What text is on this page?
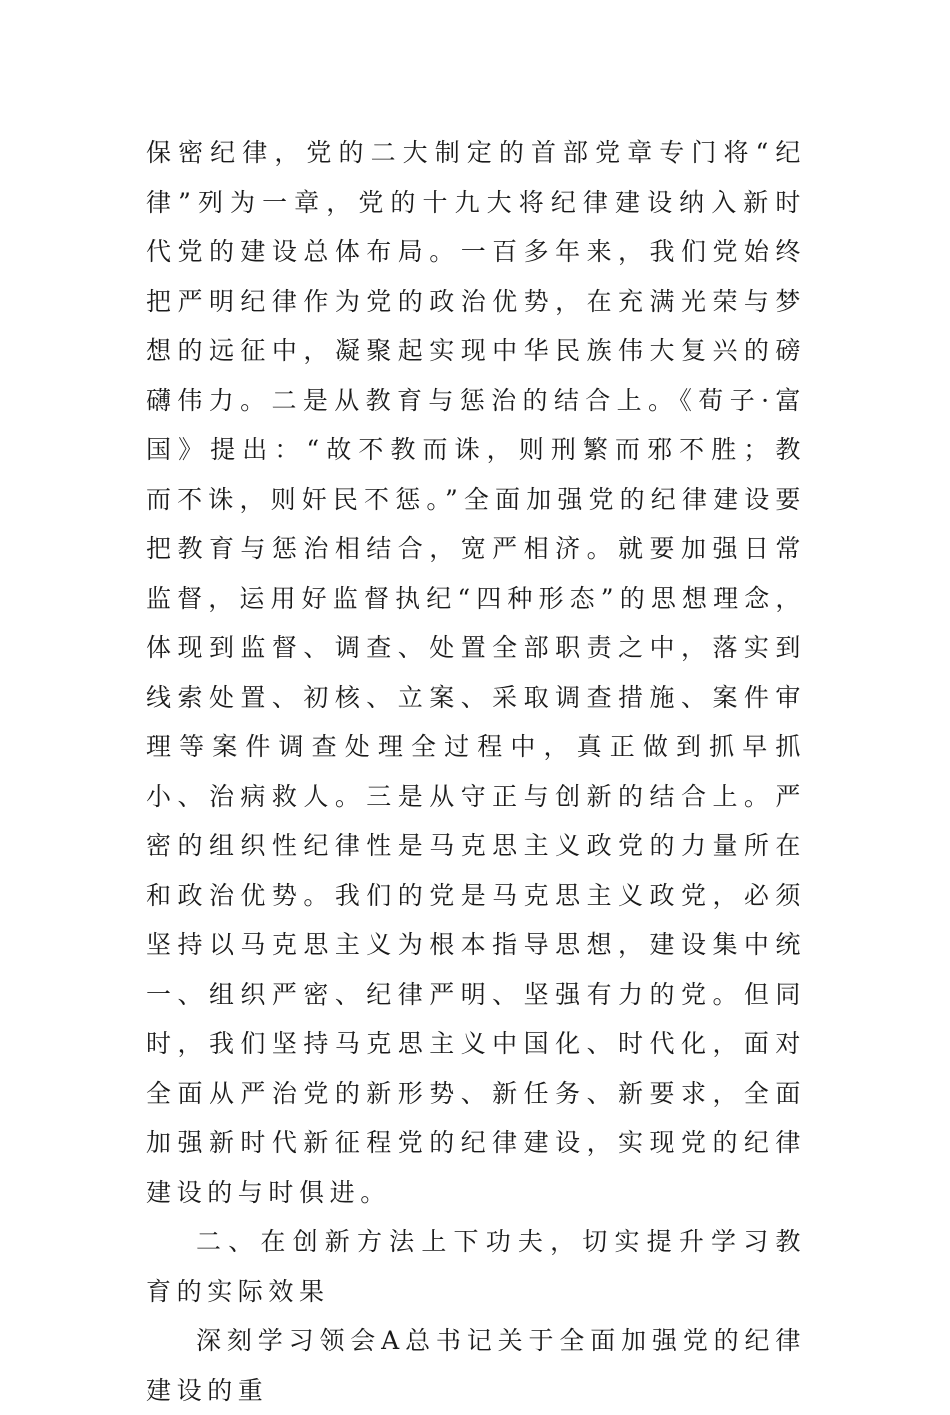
保密纪律，党的二大制定的首部党章专门将“纪律”列为一章，党的十九大将纪律建设纳入新时代党的建设总体布局。一百多年来，我们党始终把严明纪律作为党的政治优势，在充满光荣与梦想的远征中，凝聚起实现中华民族伟大复兴的磅礴伟力。二是从教育与惩治的结合上。《荀子·富国》提出：“故不教而诛，则刑繁而邪不胜；教而不诛，则奸民不惩。”全面加强党的纪律建设要把教育与惩治相结合，宽严相济。就要加强日常监督，运用好监督执纪“四种形态”的思想理念，体现到监督、调查、处置全部职责之中，落实到线索处置、初核、立案、采取调查措施、案件审理等案件调查处理全过程中，真正做到抓早抓小、治病救人。三是从守正与创新的结合上。严密的组织性纪律性是马克思主义政党的力量所在和政治优势。我们的党是马克思主义政党，必须坚持以马克思主义为根本指导思想，建设集中统一、组织严密、纪律严明、坚强有力的党。但同时，我们坚持马克思主义中国化、时代化，面对全面从严治党的新形势、新任务、新要求，全面加强新时代新征程党的纪律建设，实现党的纪律建设的与时俱进。

二、在创新方法上下功夫，切实提升学习教育的实际效果

深刻学习领会A总书记关于全面加强党的纪律建设的重
